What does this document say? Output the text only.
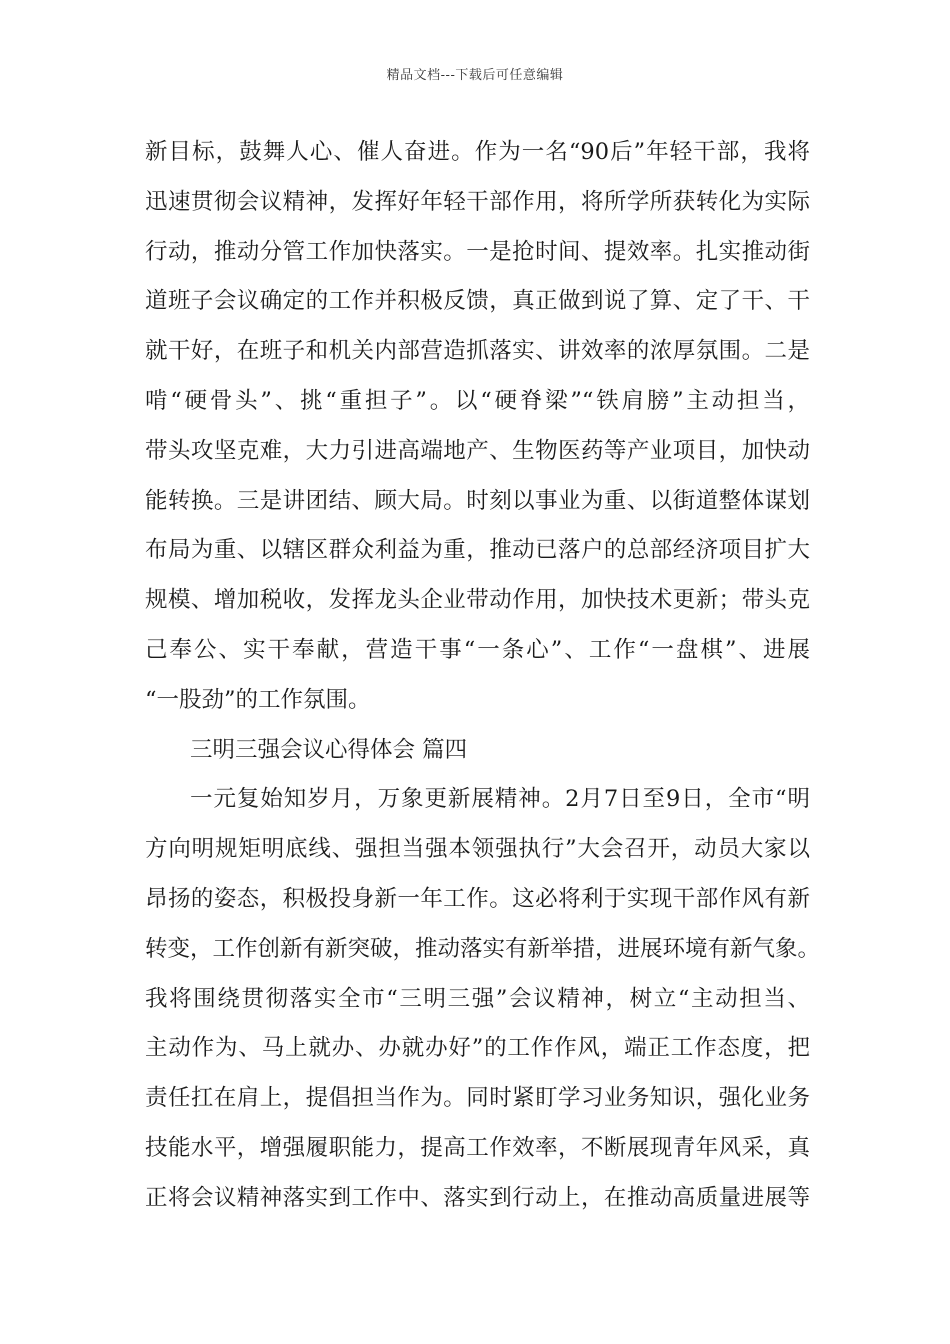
精品文档---下载后可任意编辑
新目标，鼓舞人心、催人奋进。作为一名“90后”年轻干部，我将
迅速贯彻会议精神，发挥好年轻干部作用，将所学所获转化为实际
行动，推动分管工作加快落实。一是抢时间、提效率。扎实推动街
道班子会议确定的工作并积极反馈，真正做到说了算、定了干、干
就干好，在班子和机关内部营造抓落实、讲效率的浓厚氛围。二是
啃“硬骨头”、挑“重担子”。以“硬脊梁”“铁肩膀”主动担当，
带头攻坚克难，大力引进高端地产、生物医药等产业项目，加快动
能转换。三是讲团结、顾大局。时刻以事业为重、以街道整体谋划
布局为重、以辖区群众利益为重，推动已落户的总部经济项目扩大
规模、增加税收，发挥龙头企业带动作用，加快技术更新；带头克
己奉公、实干奉献，营造干事“一条心”、工作“一盘棋”、进展
“一股劲”的工作氛围。
三明三强会议心得体会 篇四
一元复始知岁月，万象更新展精神。2月7日至9日，全市“明
方向明规矩明底线、强担当强本领强执行”大会召开，动员大家以
昂扬的姿态，积极投身新一年工作。这必将利于实现干部作风有新
转变，工作创新有新突破，推动落实有新举措，进展环境有新气象。
我将围绕贯彻落实全市“三明三强”会议精神，树立“主动担当、
主动作为、马上就办、办就办好”的工作作风，端正工作态度，把
责任扛在肩上，提倡担当作为。同时紧盯学习业务知识，强化业务
技能水平，增强履职能力，提高工作效率，不断展现青年风采，真
正将会议精神落实到工作中、落实到行动上，在推动高质量进展等
